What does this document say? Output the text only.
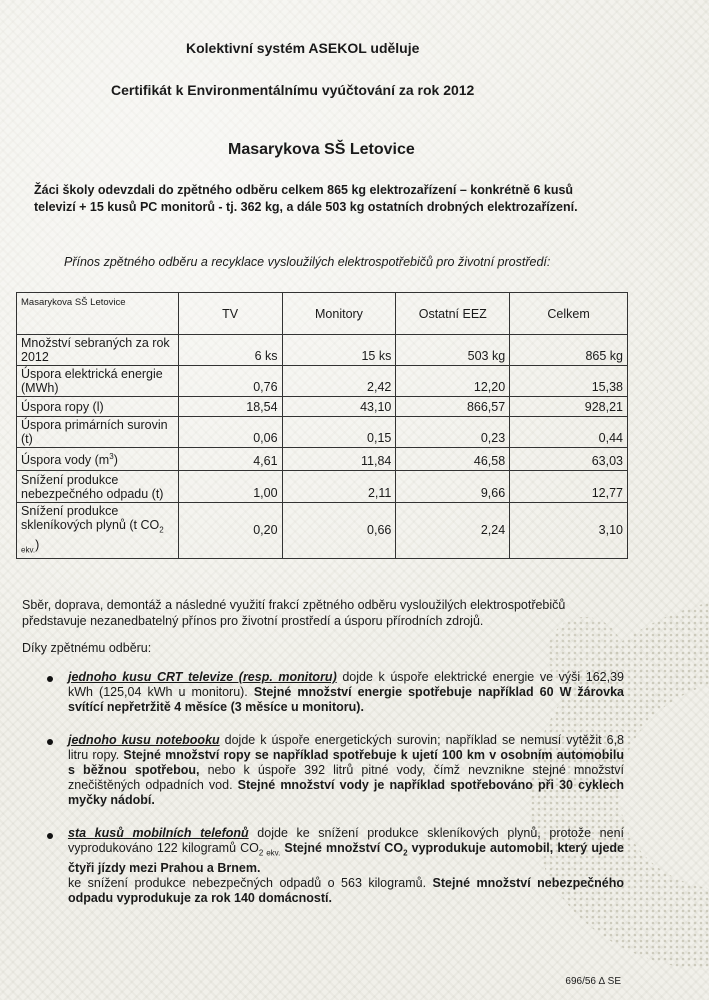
Kolektivní systém ASEKOL uděluje
Certifikát k Environmentálnímu vyúčtování za rok 2012
Masarykova SŠ Letovice
Žáci školy odevzdali do zpětného odběru celkem 865 kg elektrozařízení – konkrétně 6 kusů
televizí + 15 kusů PC monitorů - tj. 362 kg, a dále 503 kg ostatních drobných elektrozařízení.
Přínos zpětného odběru a recyklace vysloužilých elektrospotřebičů pro životní prostředí:
Masarykova SŠ Letovice	TV	Monitory	Ostatní EEZ	Celkem
Množství sebraných za rok 2012	6 ks	15 ks	503 kg	865 kg
Úspora elektrická energie (MWh)	0,76	2,42	12,20	15,38
Úspora ropy (l)	18,54	43,10	866,57	928,21
Úspora primárních surovin (t)	0,06	0,15	0,23	0,44
Úspora vody $(m^3)$	4,61	11,84	46,58	63,03
Snížení produkce nebezpečného odpadu (t)	1,00	2,11	9,66	12,77
Snížení produkce skleníkových plynů (t $CO_{2 ekv.}$)	0,20	0,66	2,24	3,10
Sběr, doprava, demontáž a následné využití frakcí zpětného odběru vysloužilých elektrospotřebičů
představuje nezanedbatelný přínos pro životní prostředí a úsporu přírodních zdrojů.
Díky zpětnému odběru:
jednoho kusu CRT televize (resp. monitoru) dojde k úspoře elektrické energie ve výši 162,39 kWh (125,04 kWh u monitoru). Stejné množství energie spotřebuje například 60 W žárovka svítící nepřetržitě 4 měsíce (3 měsíce u monitoru).
jednoho kusu notebooku dojde k úspoře energetických surovin; například se nemusí vytěžit 6,8 litru ropy. Stejné množství ropy se například spotřebuje k ujetí 100 km v osobním automobilu s běžnou spotřebou, nebo k úspoře 392 litrů pitné vody, čímž nevznikne stejné množství znečištěných odpadních vod. Stejné množství vody je například spotřebováno při 30 cyklech myčky nádobí.
sta kusů mobilních telefonů dojde ke snížení produkce skleníkových plynů, protože není vyprodukováno 122 kilogramů $CO_{2 ekv.}$ Stejné množství $CO_2$ vyprodukuje automobil, který ujede čtyři jízdy mezi Prahou a Brnem.
ke snížení produkce nebezpečných odpadů o 563 kilogramů. Stejné množství nebezpečného odpadu vyprodukuje za rok 140 domácností.
696/56 ∆ SE
